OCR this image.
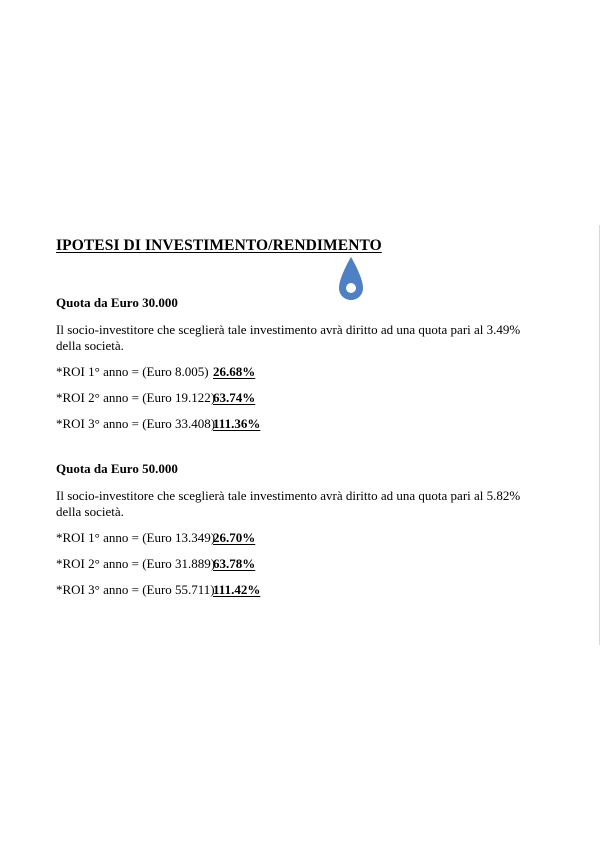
IPOTESI DI INVESTIMENTO/RENDIMENTO

Quota da Euro 30.000

Il socio-investitore che sceglierà tale investimento avrà diritto ad una quota pari al 3.49% della società.

*ROI 1° anno = (Euro 8.005) 26.68%
*ROI 2° anno = (Euro 19.122)
63.74%
*ROI 3° anno = (Euro 33.408)
111.36%

Quota da Euro 50.000

Il socio-investitore che sceglierà tale investimento avrà diritto ad una quota pari al 5.82% della società.

*ROI 1° anno = (Euro 13.349)
26.70%
*ROI 2° anno = (Euro 31.889)
63.78%
*ROI 3° anno = (Euro 55.711)
111.42%
